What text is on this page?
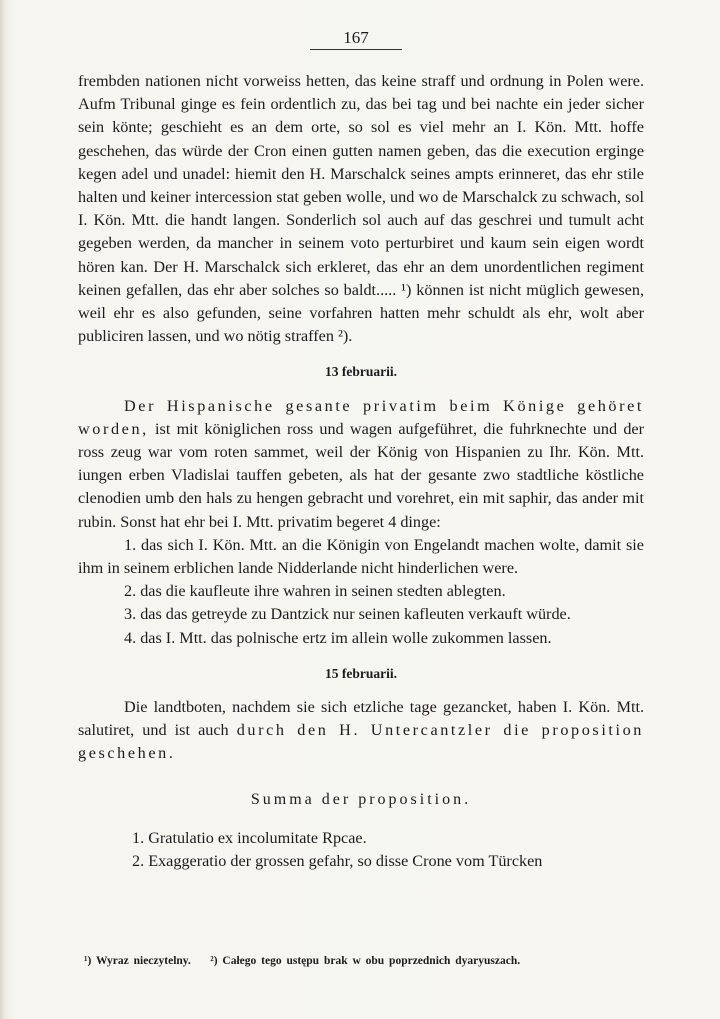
167

frembden nationen nicht vorweiss hetten, das keine straff und ordnung in Polen were. Aufm Tribunal ginge es fein ordentlich zu, das bei tag und bei nachte ein jeder sicher sein könte; geschieht es an dem orte, so sol es viel mehr an I. Kön. Mtt. hoffe geschehen, das würde der Cron einen gutten namen geben, das die execution erginge kegen adel und unadel: hiemit den H. Marschalck seines ampts erinneret, das ehr stile halten und keiner intercession stat geben wolle, und wo de Marschalck zu schwach, sol I. Kön. Mtt. die handt langen. Sonderlich sol auch auf das geschrei und tumult acht gegeben werden, da mancher in seinem voto perturbiret und kaum sein eigen wordt hören kan. Der H. Marschalck sich erkleret, das ehr an dem unordentlichen regiment keinen gefallen, das ehr aber solches so baldt..... ¹) können ist nicht müglich gewesen, weil ehr es also gefunden, seine vorfahren hatten mehr schuldt als ehr, wolt aber publiciren lassen, und wo nötig straffen ²).

13 februarii.

Der Hispanische gesante privatim beim Könige gehöret worden, ist mit königlichen ross und wagen aufgeführet, die fuhrknechte und der ross zeug war vom roten sammet, weil der König von Hispanien zu Ihr. Kön. Mtt. iungen erben Vladislai tauffen gebeten, als hat der gesante zwo stadtliche köstliche clenodien umb den hals zu hengen gebracht und vorehret, ein mit saphir, das ander mit rubin. Sonst hat ehr bei I. Mtt. privatim begeret 4 dinge:

1. das sich I. Kön. Mtt. an die Königin von Engelandt machen wolte, damit sie ihm in seinem erblichen lande Nidderlande nicht hinderlichen were.

2. das die kaufleute ihre wahren in seinen stedten ablegten.

3. das das getreyde zu Dantzick nur seinen kafleuten verkauft würde.

4. das I. Mtt. das polnische ertz im allein wolle zukommen lassen.

15 februarii.

Die landtboten, nachdem sie sich etzliche tage gezancket, haben I. Kön. Mtt. salutiret, und ist auch durch den H. Untercantzler die proposition geschehen.

Summa der proposition.

1. Gratulatio ex incolumitate Rpcae.

2. Exaggeratio der grossen gefahr, so disse Crone vom Türcken

¹) Wyraz nieczytelny. ²) Całego tego ustępu brak w obu poprzednich dyaryuszach.
